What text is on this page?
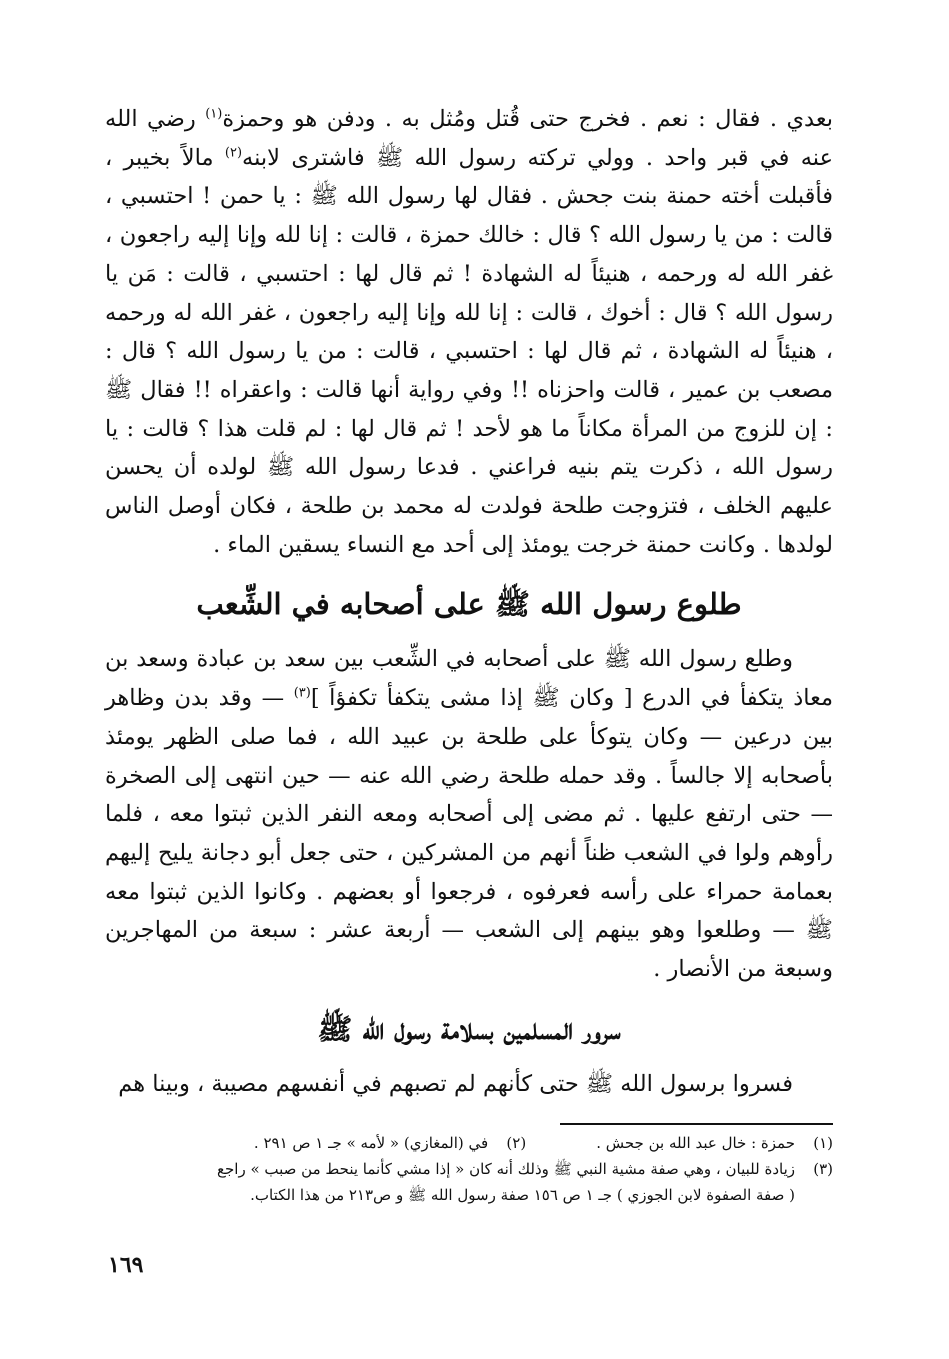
بعدي . فقال : نعم . فخرج حتى قُتل ومُثل به . ودفن هو وحمزة$^{(١)}$ رضي الله عنه في قبر واحد . وولي تركته رسول الله ﷺ فاشترى لابنه$^{(٢)}$ مالاً بخيبر ، فأقبلت أخته حمنة بنت جحش . فقال لها رسول الله ﷺ : يا حمن ! احتسبي ، قالت : من يا رسول الله ؟ قال : خالك حمزة ، قالت : إنا لله وإنا إليه راجعون ، غفر الله له ورحمه ، هنيئاً له الشهادة ! ثم قال لها : احتسبي ، قالت : مَن يا رسول الله ؟ قال : أخوك ، قالت : إنا لله وإنا إليه راجعون ، غفر الله له ورحمه ، هنيئاً له الشهادة ، ثم قال لها : احتسبي ، قالت : من يا رسول الله ؟ قال : مصعب بن عمير ، قالت واحزناه !! وفي رواية أنها قالت : واعقراه !! فقال ﷺ : إن للزوج من المرأة مكاناً ما هو لأحد ! ثم قال لها : لم قلت هذا ؟ قالت : يا رسول الله ، ذكرت يتم بنيه فراعني . فدعا رسول الله ﷺ لولده أن يحسن عليهم الخلف ، فتزوجت طلحة فولدت له محمد بن طلحة ، فكان أوصل الناس لولدها . وكانت حمنة خرجت يومئذ إلى أحد مع النساء يسقين الماء .

طلوع رسول الله ﷺ على أصحابه في الشِّعب

وطلع رسول الله ﷺ على أصحابه في الشِّعب بين سعد بن عبادة وسعد بن معاذ يتكفأ في الدرع [ وكان ﷺ إذا مشى يتكفأ تكفؤاً ]$^{(٣)}$ — وقد بدن وظاهر بين درعين — وكان يتوكأ على طلحة بن عبيد الله ، فما صلى الظهر يومئذ بأصحابه إلا جالساً . وقد حمله طلحة رضي الله عنه — حين انتهى إلى الصخرة — حتى ارتفع عليها . ثم مضى إلى أصحابه ومعه النفر الذين ثبتوا معه ، فلما رأوهم ولوا في الشعب ظناً أنهم من المشركين ، حتى جعل أبو دجانة يليح إليهم بعمامة حمراء على رأسه فعرفوه ، فرجعوا أو بعضهم . وكانوا الذين ثبتوا معه ﷺ — وطلعوا وهو بينهم إلى الشعب — أربعة عشر : سبعة من المهاجرين وسبعة من الأنصار .

سرور المسلمين بسلامة رسول الله ﷺ

فسروا برسول الله ﷺ حتى كأنهم لم تصبهم في أنفسهم مصيبة ، وبينا هم

(١)
حمزة : خال عبد الله بن جحش .
(٢)
في (المغازي) « لأمه » جـ ١ ص ٢٩١ .
(٣)
زيادة للبيان ، وهي صفة مشية النبي ﷺ وذلك أنه كان « إذا مشي كأنما ينحط من صبب » راجع
( صفة الصفوة لابن الجوزي ) جـ ١ ص ١٥٦ صفة رسول الله ﷺ و ص٢١٣ من هذا الكتاب.
١٦٩
